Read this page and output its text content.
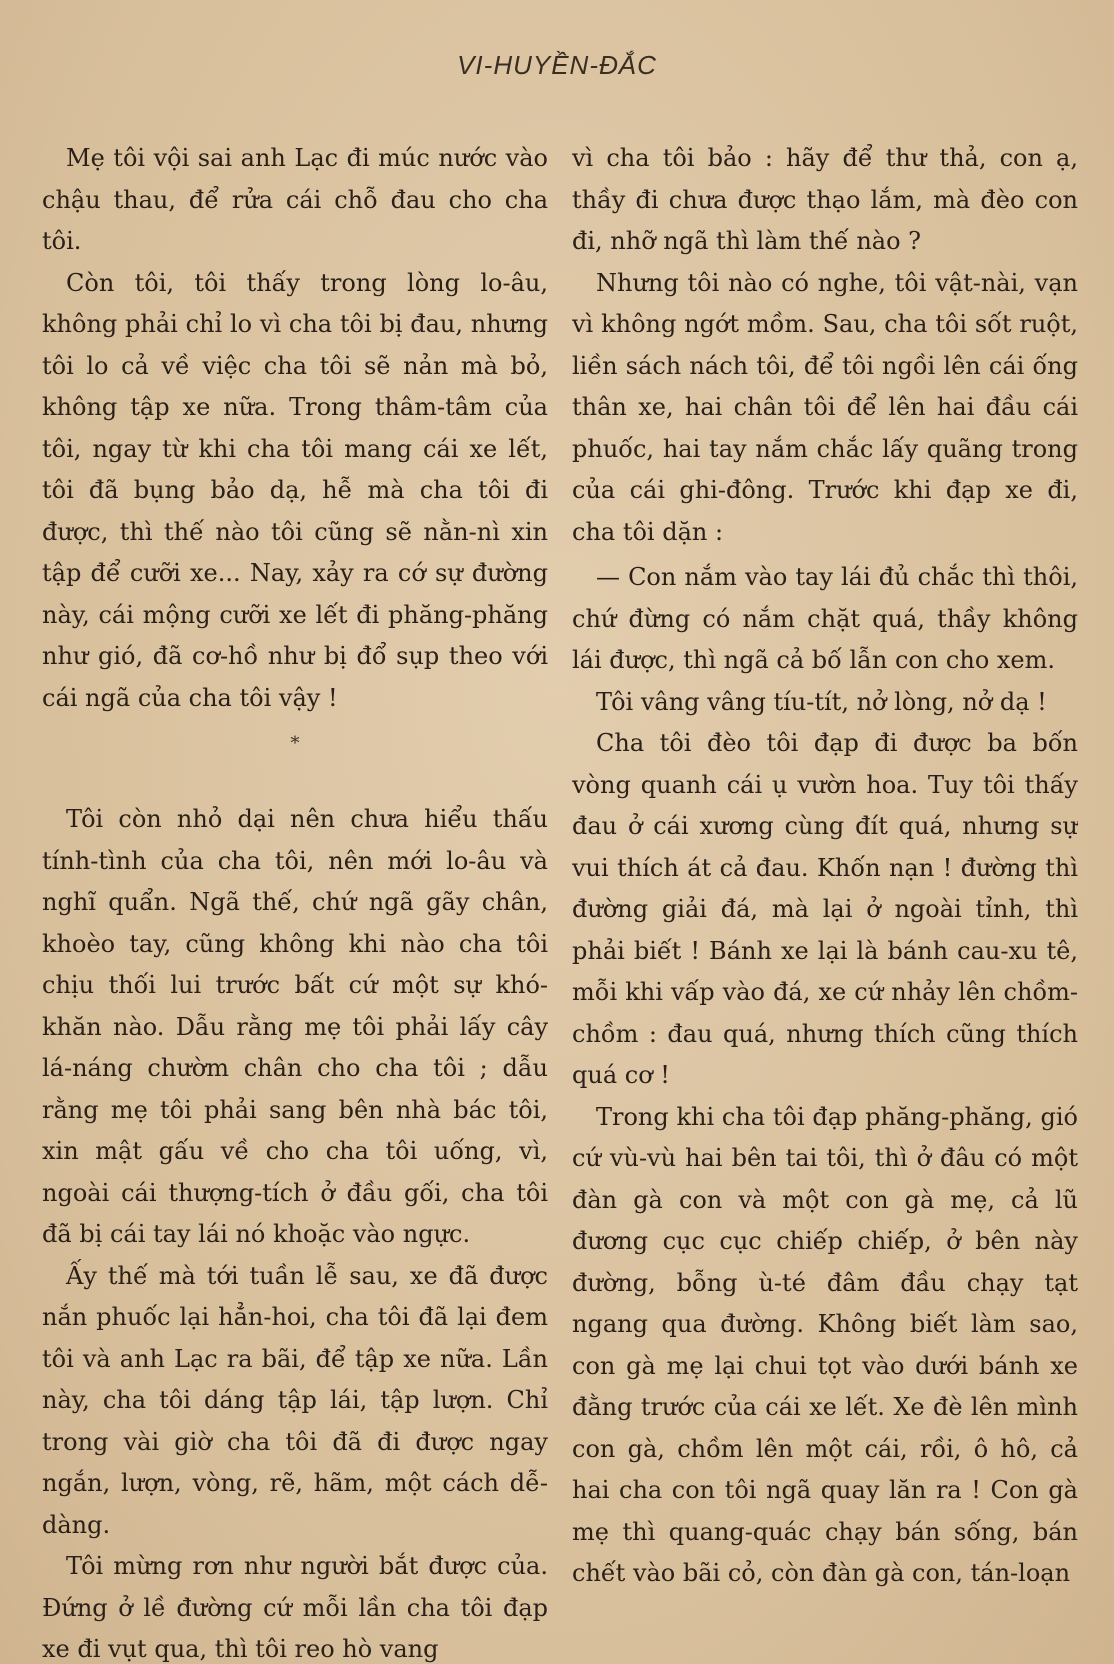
VI-HUYỀN-ĐẮC

Mẹ tôi vội sai anh Lạc đi múc nước vào chậu thau, để rửa cái chỗ đau cho cha tôi.

Còn tôi, tôi thấy trong lòng lo-âu, không phải chỉ lo vì cha tôi bị đau, nhưng tôi lo cả về việc cha tôi sẽ nản mà bỏ, không tập xe nữa. Trong thâm-tâm của tôi, ngay từ khi cha tôi mang cái xe lết, tôi đã bụng bảo dạ, hễ mà cha tôi đi được, thì thế nào tôi cũng sẽ nằn-nì xin tập để cưỡi xe... Nay, xảy ra cớ sự đường này, cái mộng cưỡi xe lết đi phăng-phăng như gió, đã cơ-hồ như bị đổ sụp theo với cái ngã của cha tôi vậy !

*

Tôi còn nhỏ dại nên chưa hiểu thấu tính-tình của cha tôi, nên mới lo-âu và nghĩ quẩn. Ngã thế, chứ ngã gãy chân, khoèo tay, cũng không khi nào cha tôi chịu thối lui trước bất cứ một sự khó-khăn nào. Dẫu rằng mẹ tôi phải lấy cây lá-náng chườm chân cho cha tôi ; dẫu rằng mẹ tôi phải sang bên nhà bác tôi, xin mật gấu về cho cha tôi uống, vì, ngoài cái thượng-tích ở đầu gối, cha tôi đã bị cái tay lái nó khoặc vào ngực.

Ấy thế mà tới tuần lễ sau, xe đã được nắn phuốc lại hẳn-hoi, cha tôi đã lại đem tôi và anh Lạc ra bãi, để tập xe nữa. Lần này, cha tôi dáng tập lái, tập lượn. Chỉ trong vài giờ cha tôi đã đi được ngay ngắn, lượn, vòng, rẽ, hãm, một cách dễ-dàng.

Tôi mừng rơn như người bắt được của. Đứng ở lề đường cứ mỗi lần cha tôi đạp xe đi vụt qua, thì tôi reo hò vang

vì cha tôi bảo : hãy để thư thả, con ạ, thầy đi chưa được thạo lắm, mà đèo con đi, nhỡ ngã thì làm thế nào ?

Nhưng tôi nào có nghe, tôi vật-nài, vạn vì không ngớt mồm. Sau, cha tôi sốt ruột, liền sách nách tôi, để tôi ngồi lên cái ống thân xe, hai chân tôi để lên hai đầu cái phuốc, hai tay nắm chắc lấy quãng trong của cái ghi-đông. Trước khi đạp xe đi, cha tôi dặn :

— Con nắm vào tay lái đủ chắc thì thôi, chứ đừng có nắm chặt quá, thầy không lái được, thì ngã cả bố lẫn con cho xem.

Tôi vâng vâng tíu-tít, nở lòng, nở dạ !

Cha tôi đèo tôi đạp đi được ba bốn vòng quanh cái ụ vườn hoa. Tuy tôi thấy đau ở cái xương cùng đít quá, nhưng sự vui thích át cả đau. Khốn nạn ! đường thì đường giải đá, mà lại ở ngoài tỉnh, thì phải biết ! Bánh xe lại là bánh cau-xu tê, mỗi khi vấp vào đá, xe cứ nhảy lên chồm-chồm : đau quá, nhưng thích cũng thích quá cơ !

Trong khi cha tôi đạp phăng-phăng, gió cứ vù-vù hai bên tai tôi, thì ở đâu có một đàn gà con và một con gà mẹ, cả lũ đương cục cục chiếp chiếp, ở bên này đường, bỗng ù-té đâm đầu chạy tạt ngang qua đường. Không biết làm sao, con gà mẹ lại chui tọt vào dưới bánh xe đằng trước của cái xe lết. Xe đè lên mình con gà, chồm lên một cái, rồi, ô hô, cả hai cha con tôi ngã quay lăn ra ! Con gà mẹ thì quang-quác chạy bán sống, bán chết vào bãi cỏ, còn đàn gà con, tán-loạn
